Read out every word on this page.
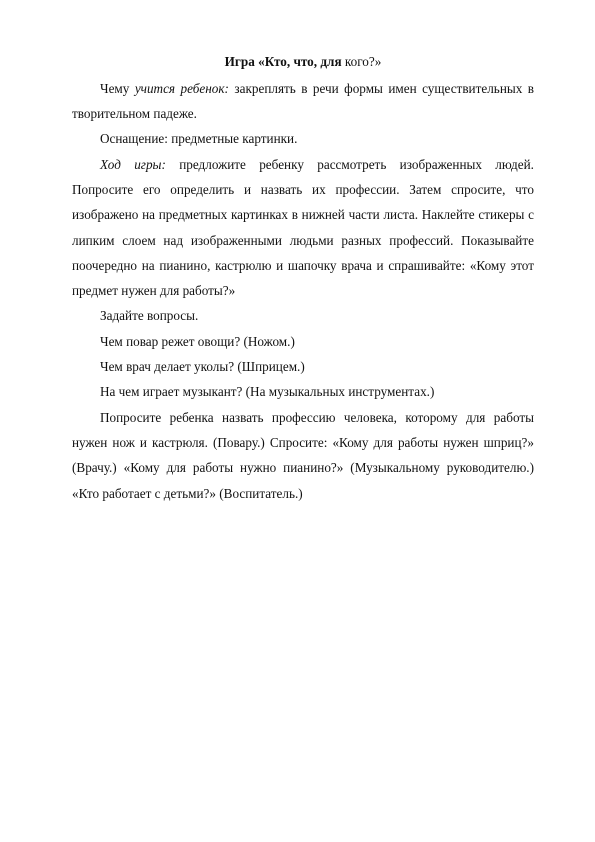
Игра «Кто, что, для кого?»

Чему учится ребенок: закреплять в речи формы имен существительных в творительном падеже.

Оснащение: предметные картинки.

Ход игры: предложите ребенку рассмотреть изображенных людей. Попросите его определить и назвать их профессии. Затем спросите, что изображено на предметных картинках в нижней части листа. Наклейте стикеры с липким слоем над изображенными людьми разных профессий. Показывайте поочередно на пианино, кастрюлю и шапочку врача и спрашивайте: «Кому этот предмет нужен для работы?»

Задайте вопросы.

Чем повар режет овощи? (Ножом.)

Чем врач делает уколы? (Шприцем.)

На чем играет музыкант? (На музыкальных инструментах.)

Попросите ребенка назвать профессию человека, которому для работы нужен нож и кастрюля. (Повару.) Спросите: «Кому для работы нужен шприц?» (Врачу.) «Кому для работы нужно пианино?» (Музыкальному руководителю.) «Кто работает с детьми?» (Воспитатель.)
